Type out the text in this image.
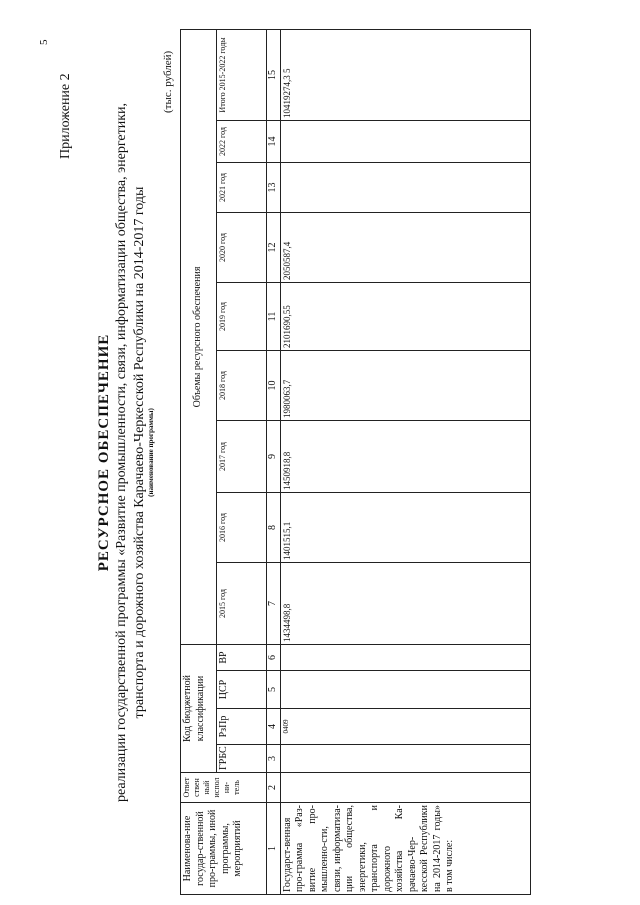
5
Приложение 2
РЕСУРСНОЕ ОБЕСПЕЧЕНИЕ реализации государственной программы «Развитие промышленности, связи, информатизации общества, энергетики, транспорта и дорожного хозяйства Карачаево-Черкесской Республики на 2014-2017 годы (наименование программы)
(тыс. рублей)
Наименова-ние государ-ственной про-граммы, иной программы, мероприятий	Ответ ствен ный испол ни-тель	Код бюджетной классификации				Объемы ресурсного обеспечения								
		ГРБС	РзПр	ЦСР	ВР	2015 год	2016 год	2017 год	2018 год	2019 год	2020 год	2021 год	2022 год	Итого 2015-2022 годы
1	2	3	4	5	6	7	8	9	10	11	12	13	14	15
Государст-венная про-грамма «Раз-витие про-мышленно-сти, связи, информатиза-ции общества, энергетики, транспорта и дорожного хозяйства Ка-рачаево-Чер-кесской Республики на 2014-2017 годы» в том числе:			0409			1434498,8	1401515,1	1450918,8	1980063,7	2101690,55	2050587,4			10419274,3 5
